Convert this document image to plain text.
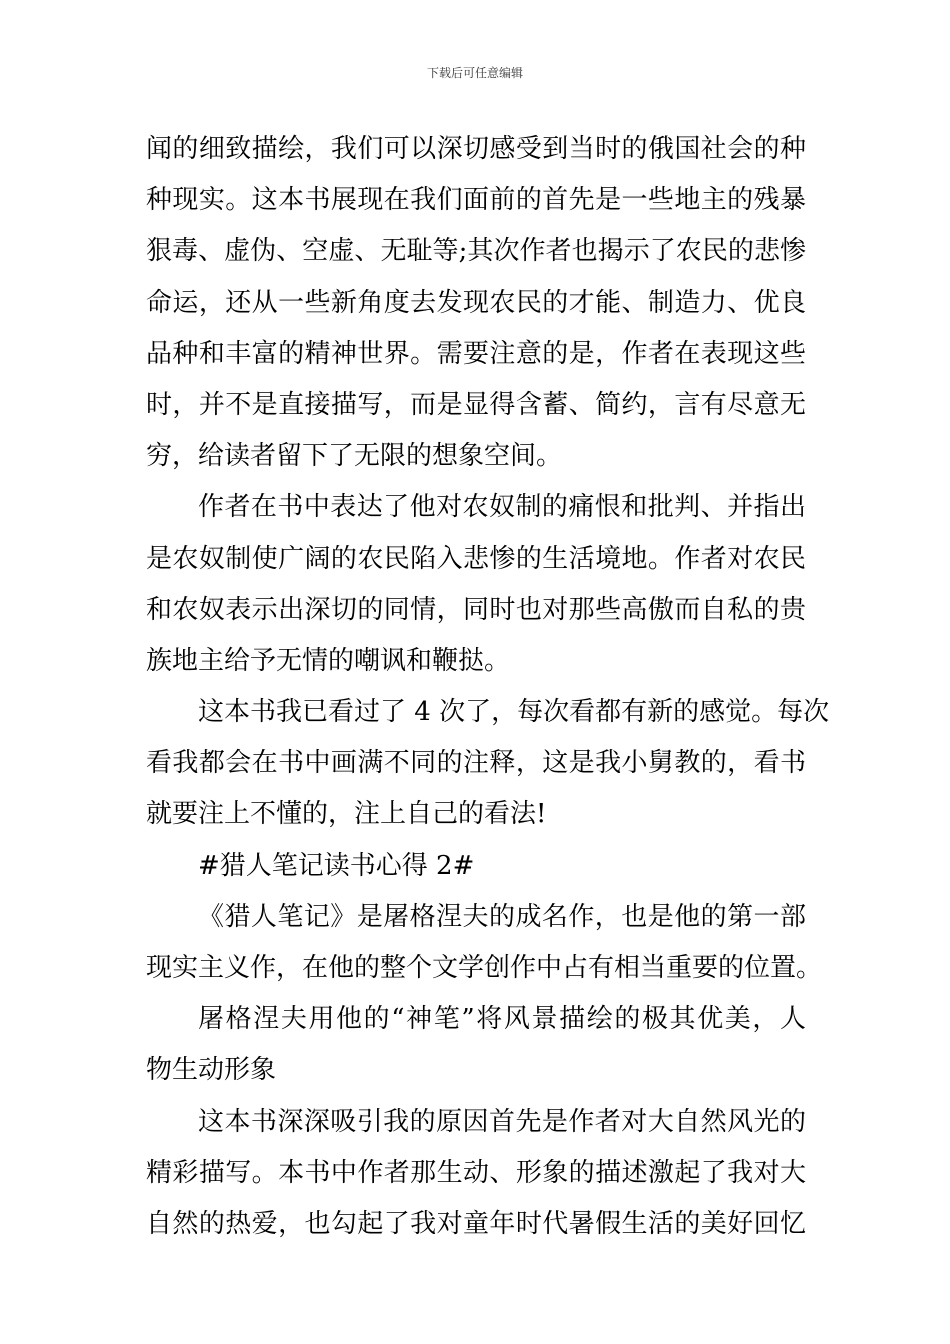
下载后可任意编辑
闻的细致描绘，我们可以深切感受到当时的俄国社会的种
种现实。这本书展现在我们面前的首先是一些地主的残暴
狠毒、虚伪、空虚、无耻等;其次作者也揭示了农民的悲惨
命运，还从一些新角度去发现农民的才能、制造力、优良
品种和丰富的精神世界。需要注意的是，作者在表现这些
时，并不是直接描写，而是显得含蓄、简约，言有尽意无
穷，给读者留下了无限的想象空间。
作者在书中表达了他对农奴制的痛恨和批判、并指出
是农奴制使广阔的农民陷入悲惨的生活境地。作者对农民
和农奴表示出深切的同情，同时也对那些高傲而自私的贵
族地主给予无情的嘲讽和鞭挞。
这本书我已看过了 4 次了，每次看都有新的感觉。每次
看我都会在书中画满不同的注释，这是我小舅教的，看书
就要注上不懂的，注上自己的看法!
#猎人笔记读书心得 2#
《猎人笔记》是屠格涅夫的成名作，也是他的第一部
现实主义作，在他的整个文学创作中占有相当重要的位置。
屠格涅夫用他的“神笔”将风景描绘的极其优美，人
物生动形象
这本书深深吸引我的原因首先是作者对大自然风光的
精彩描写。本书中作者那生动、形象的描述激起了我对大
自然的热爱，也勾起了我对童年时代暑假生活的美好回忆
